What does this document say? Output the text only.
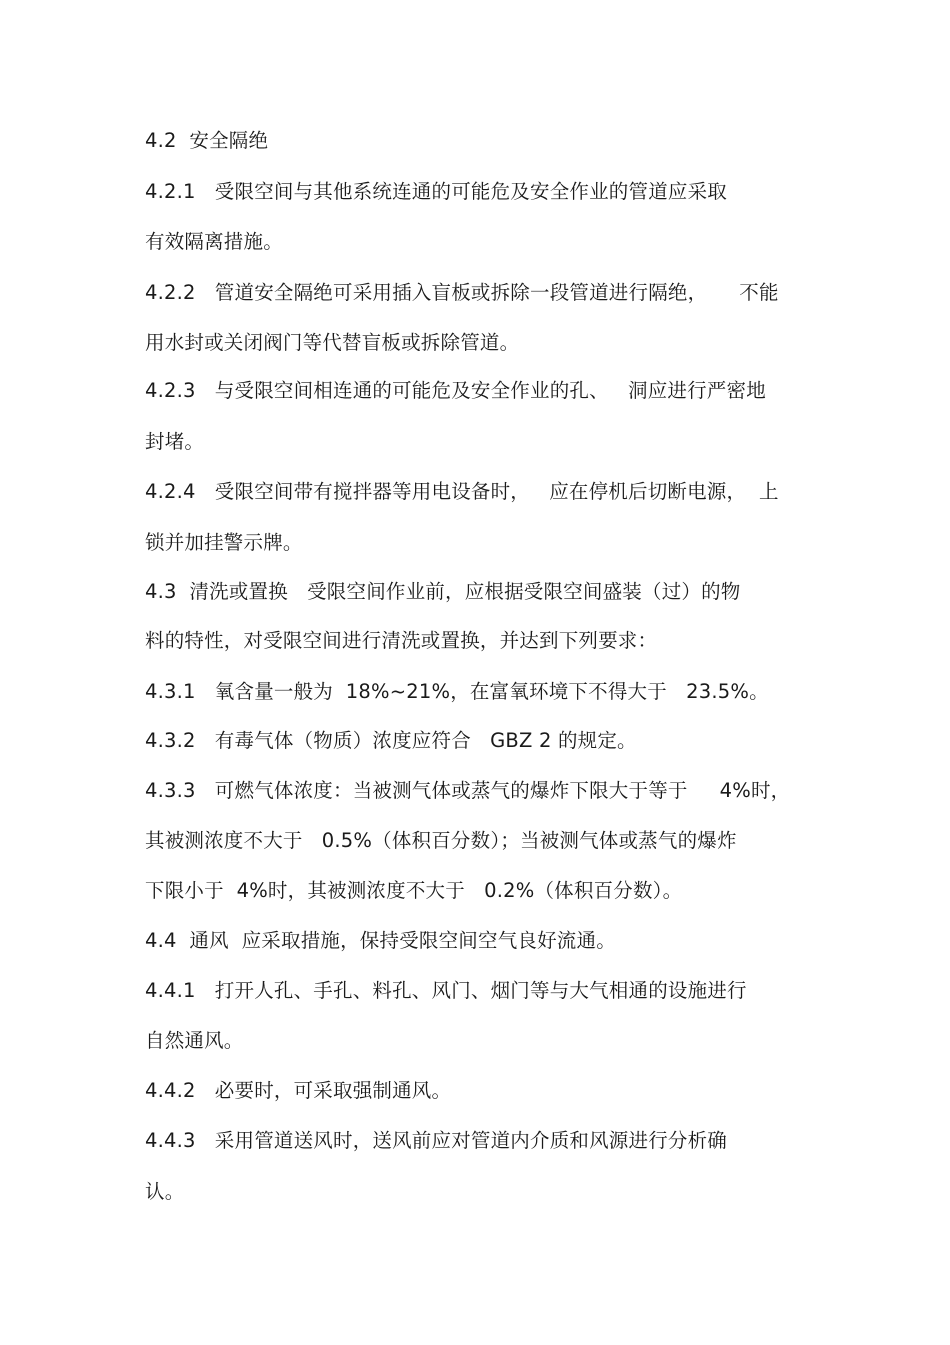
4.2  安全隔绝
4.2.1   受限空间与其他系统连通的可能危及安全作业的管道应采取
有效隔离措施。
4.2.2   管道安全隔绝可采用插入盲板或拆除一段管道进行隔绝，     不能
用水封或关闭阀门等代替盲板或拆除管道。
4.2.3   与受限空间相连通的可能危及安全作业的孔、   洞应进行严密地
封堵。
4.2.4   受限空间带有搅拌器等用电设备时，   应在停机后切断电源，  上
锁并加挂警示牌。
4.3  清洗或置换   受限空间作业前，应根据受限空间盛装（过）的物
料的特性，对受限空间进行清洗或置换，并达到下列要求：
4.3.1   氧含量一般为  18%~21%，在富氧环境下不得大于   23.5%。
4.3.2   有毒气体（物质）浓度应符合   GBZ 2 的规定。
4.3.3   可燃气体浓度：当被测气体或蒸气的爆炸下限大于等于     4%时，
其被测浓度不大于   0.5%（体积百分数）；当被测气体或蒸气的爆炸
下限小于  4%时，其被测浓度不大于   0.2%（体积百分数）。
4.4  通风  应采取措施，保持受限空间空气良好流通。
4.4.1   打开人孔、手孔、料孔、风门、烟门等与大气相通的设施进行
自然通风。
4.4.2   必要时，可采取强制通风。
4.4.3   采用管道送风时，送风前应对管道内介质和风源进行分析确
认。
